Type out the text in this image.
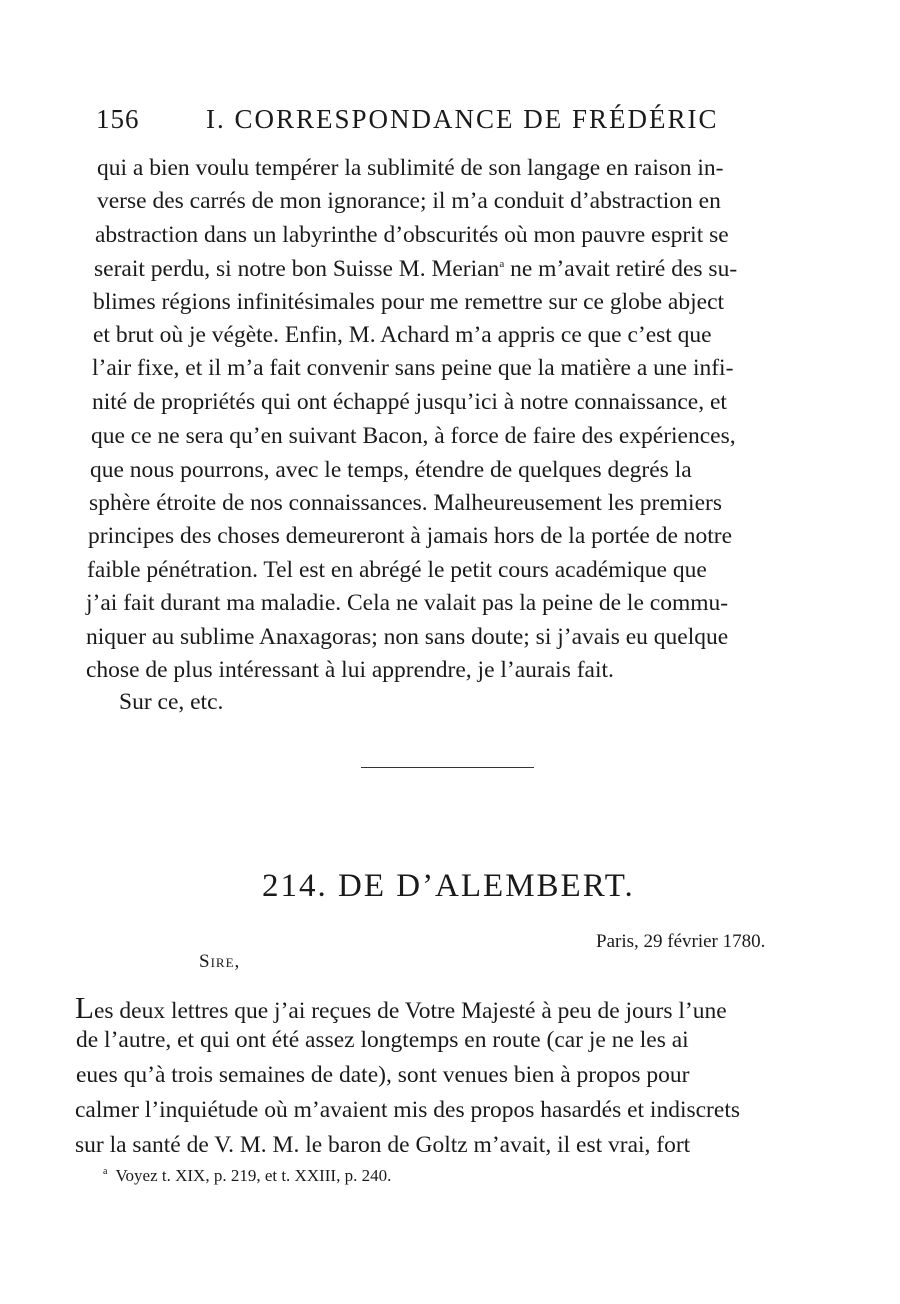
156 I. CORRESPONDANCE DE FRÉDÉRIC
qui a bien voulu tempérer la sublimité de son langage en raison in-
verse des carrés de mon ignorance; il m’a conduit d’abstraction en
abstraction dans un labyrinthe d’obscurités où mon pauvre esprit se
serait perdu, si notre bon Suisse M. Merian$^a$ ne m’avait retiré des su-
blimes régions infinitésimales pour me remettre sur ce globe abject
et brut où je végète. Enfin, M. Achard m’a appris ce que c’est que
l’air fixe, et il m’a fait convenir sans peine que la matière a une infi-
nité de propriétés qui ont échappé jusqu’ici à notre connaissance, et
que ce ne sera qu’en suivant Bacon, à force de faire des expériences,
que nous pourrons, avec le temps, étendre de quelques degrés la
sphère étroite de nos connaissances. Malheureusement les premiers
principes des choses demeureront à jamais hors de la portée de notre
faible pénétration. Tel est en abrégé le petit cours académique que
j’ai fait durant ma maladie. Cela ne valait pas la peine de le commu-
niquer au sublime Anaxagoras; non sans doute; si j’avais eu quelque
chose de plus intéressant à lui apprendre, je l’aurais fait.
Sur ce, etc.
214. DE D’ALEMBERT.
Paris, 29 février 1780.
Sire,
Les deux lettres que j’ai reçues de Votre Majesté à peu de jours l’une
de l’autre, et qui ont été assez longtemps en route (car je ne les ai
eues qu’à trois semaines de date), sont venues bien à propos pour
calmer l’inquiétude où m’avaient mis des propos hasardés et indiscrets
sur la santé de V. M. M. le baron de Goltz m’avait, il est vrai, fort
$^a$ Voyez t. XIX, p. 219, et t. XXIII, p. 240.
